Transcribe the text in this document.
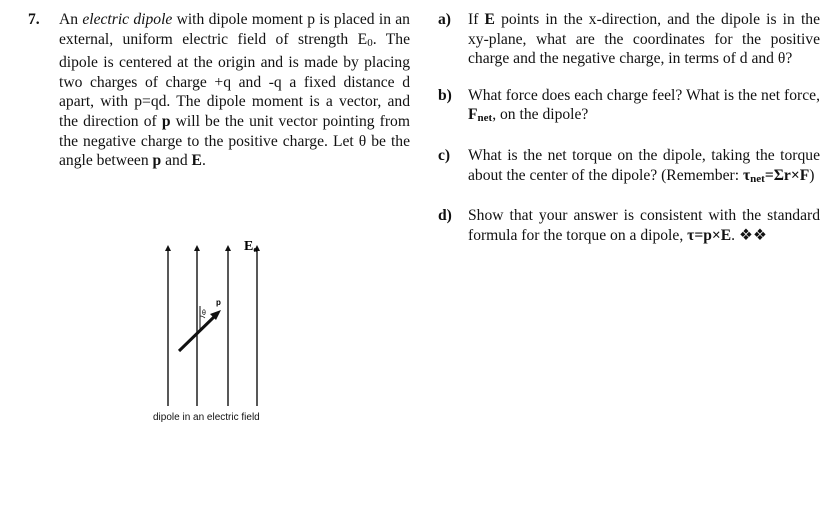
7. An electric dipole with dipole moment p is placed in an external, uniform electric field of strength E0. The dipole is centered at the origin and is made by placing two charges of charge +q and -q a fixed distance d apart, with p=qd. The dipole moment is a vector, and the direction of p will be the unit vector pointing from the negative charge to the positive charge. Let θ be the angle between p and E.
Eo
θ
p
dipole in an electric field
a) If E points in the x-direction, and the dipole is in the xy-plane, what are the coordinates for the positive charge and the negative charge, in terms of d and θ?
b) What force does each charge feel? What is the net force, Fnet, on the dipole?
c) What is the net torque on the dipole, taking the torque about the center of the dipole? (Remember: τnet=Σr×F)
d) Show that your answer is consistent with the standard formula for the torque on a dipole, τ=p×E. ❖❖
